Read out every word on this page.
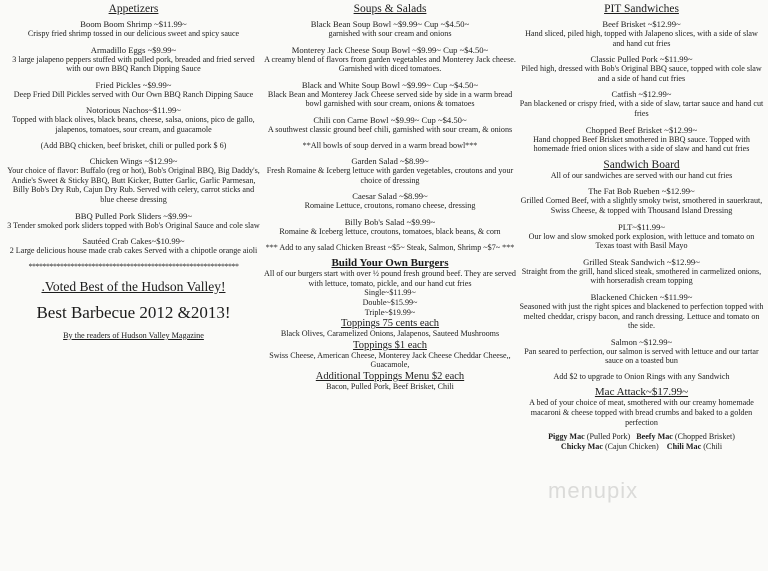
Appetizers
Boom Boom Shrimp ~$11.99~
Crispy fried shrimp tossed in our delicious sweet and spicy sauce
Armadillo Eggs ~$9.99~
3 large jalapeno peppers stuffed with pulled pork, breaded and fried served with our own BBQ Ranch Dipping Sauce
Fried Pickles ~$9.99~
Deep Fried Dill Pickles served with Our Own BBQ Ranch Dipping Sauce
Notorious Nachos~$11.99~
Topped with black olives, black beans, cheese, salsa, onions, pico de gallo, jalapenos, tomatoes, sour cream, and guacamole
(Add BBQ chicken, beef brisket, chili or pulled pork $ 6)
Chicken Wings ~$12.99~
Your choice of flavor: Buffalo (reg or hot), Bob's Original BBQ, Big Daddy's, Andie's Sweet & Sticky BBQ, Butt Kicker, Butter Garlic, Garlic Parmesan, Billy Bob's Dry Rub, Cajun Dry Rub. Served with celery, carrot sticks and blue cheese dressing
BBQ Pulled Pork Sliders ~$9.99~
3 Tender smoked pork sliders topped with Bob's Original Sauce and cole slaw
Sautéed Crab Cakes~$10.99~
2 Large delicious house made crab cakes Served with a chipotle orange aioli
************************************************************
.Voted Best of the Hudson Valley!
Best Barbecue 2012 &2013!
By the readers of Hudson Valley Magazine
Soups & Salads
Black Bean Soup Bowl ~$9.99~ Cup ~$4.50~
garnished with sour cream and onions
Monterey Jack Cheese Soup Bowl ~$9.99~ Cup ~$4.50~
A creamy blend of flavors from garden vegetables and Monterey Jack cheese. Garnished with diced tomatoes.
Black and White Soup Bowl ~$9.99~ Cup ~$4.50~
Black Bean and Monterey Jack Cheese served side by side in a warm bread bowl garnished with sour cream, onions & tomatoes
Chili con Carne Bowl ~$9.99~ Cup ~$4.50~
A southwest classic ground beef chili, garnished with sour cream, & onions
**All bowls of soup derved in a warm bread bowl***
Garden Salad ~$8.99~
Fresh Romaine & Iceberg lettuce with garden vegetables, croutons and your choice of dressing
Caesar Salad ~$8.99~
Romaine Lettuce, croutons, romano cheese, dressing
Billy Bob's Salad ~$9.99~
Romaine & Iceberg lettuce, croutons, tomatoes, black beans, & corn
*** Add to any salad Chicken Breast ~$5~ Steak, Salmon, Shrimp ~$7~ ***
Build Your Own Burgers
All of our burgers start with over ½ pound fresh ground beef. They are served with lettuce, tomato, pickle, and our hand cut fries
Single~$11.99~
Double~$15.99~
Triple~$19.99~
Toppings 75 cents each
Black Olives, Caramelized Onions, Jalapenos, Sauteed Mushrooms
Toppings $1 each
Swiss Cheese, American Cheese, Monterey Jack Cheese Cheddar Cheese,, Guacamole,
Additional Toppings Menu $2 each
Bacon, Pulled Pork, Beef Brisket, Chili
PIT Sandwiches
Beef Brisket ~$12.99~
Hand sliced, piled high, topped with Jalapeno slices, with a side of slaw and hand cut fries
Classic Pulled Pork ~$11.99~
Piled high, dressed with Bob's Original BBQ sauce, topped with cole slaw and a side of hand cut fries
Catfish ~$12.99~
Pan blackened or crispy fried, with a side of slaw, tartar sauce and hand cut fries
Chopped Beef Brisket ~$12.99~
Hand chopped Beef Brisket smothered in BBQ sauce. Topped with homemade fried onion slices with a side of slaw and hand cut fries
Sandwich Board
All of our sandwiches are served with our hand cut fries
The Fat Bob Rueben ~$12.99~
Grilled Corned Beef, with a slightly smoky twist, smothered in sauerkraut, Swiss Cheese, & topped with Thousand Island Dressing
PLT~$11.99~
Our low and slow smoked pork explosion, with lettuce and tomato on Texas toast with Basil Mayo
Grilled Steak Sandwich ~$12.99~
Straight from the grill, hand sliced steak, smothered in carmelized onions, with horseradish cream topping
Blackened Chicken ~$11.99~
Seasoned with just the right spices and blackened to perfection topped with melted cheddar, crispy bacon, and ranch dressing. Lettuce and tomato on the side.
Salmon ~$12.99~
Pan seared to perfection, our salmon is served with lettuce and our tartar sauce on a toasted bun
Add $2 to upgrade to Onion Rings with any Sandwich
Mac Attack~$17.99~
A bed of your choice of meat, smothered with our creamy homemade macaroni & cheese topped with bread crumbs and baked to a golden perfection
Piggy Mac (Pulled Pork) Beefy Mac (Chopped Brisket)
Chicky Mac (Cajun Chicken) Chili Mac (Chili
menupix
